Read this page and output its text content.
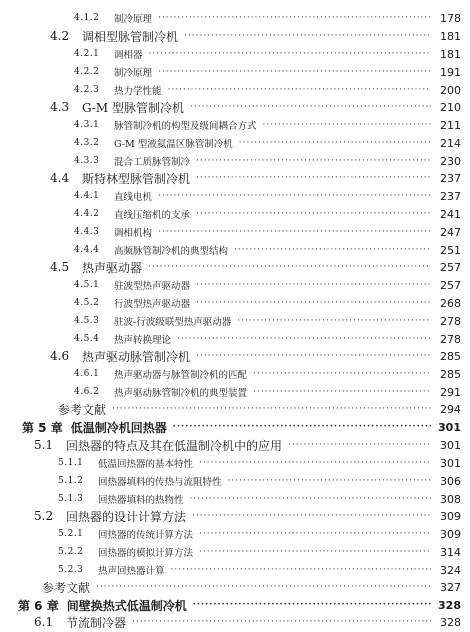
4.1.2	制冷原理 ·····	178
4.2	调相型脉管制冷机 ·····	181
4.2.1	调相器 ·····	181
4.2.2	制冷原理 ·····	191
4.2.3	热力学性能 ·····	200
4.3	G-M 型脉管制冷机 ·····	210
4.3.1	脉管制冷机的构型及级间耦合方式 ·····	211
4.3.2	G-M 型液氦温区脉管制冷机 ·····	214
4.3.3	混合工质脉管制冷 ·····	230
4.4	斯特林型脉管制冷机 ·····	237
4.4.1	直线电机 ·····	237
4.4.2	直线压缩机的支承 ·····	241
4.4.3	调相机构 ·····	247
4.4.4	高频脉管制冷机的典型结构 ·····	251
4.5	热声驱动器 ·····	257
4.5.1	驻波型热声驱动器 ·····	257
4.5.2	行波型热声驱动器 ·····	268
4.5.3	驻波-行波级联型热声驱动器 ·····	278
4.5.4	热声转换理论 ·····	278
4.6	热声驱动脉管制冷机 ·····	285
4.6.1	热声驱动器与脉管制冷机的匹配 ·····	285
4.6.2	热声驱动脉管制冷机的典型装置 ·····	291
参考文献 ·····	294
第 5 章 低温制冷机回热器 ·····	301
5.1	回热器的特点及其在低温制冷机中的应用 ·····	301
5.1.1	低温回热器的基本特性 ·····	301
5.1.2	回热器填料的传热与流阻特性 ·····	306
5.1.3	回热器填料的热物性 ·····	308
5.2	回热器的设计计算方法 ·····	309
5.2.1	回热器的传统计算方法 ·····	309
5.2.2	回热器的模拟计算方法 ·····	314
5.2.3	热声回热器计算 ·····	324
参考文献 ·····	327
第 6 章 间壁换热式低温制冷机 ·····	328
6.1	节流制冷器 ·····	328
